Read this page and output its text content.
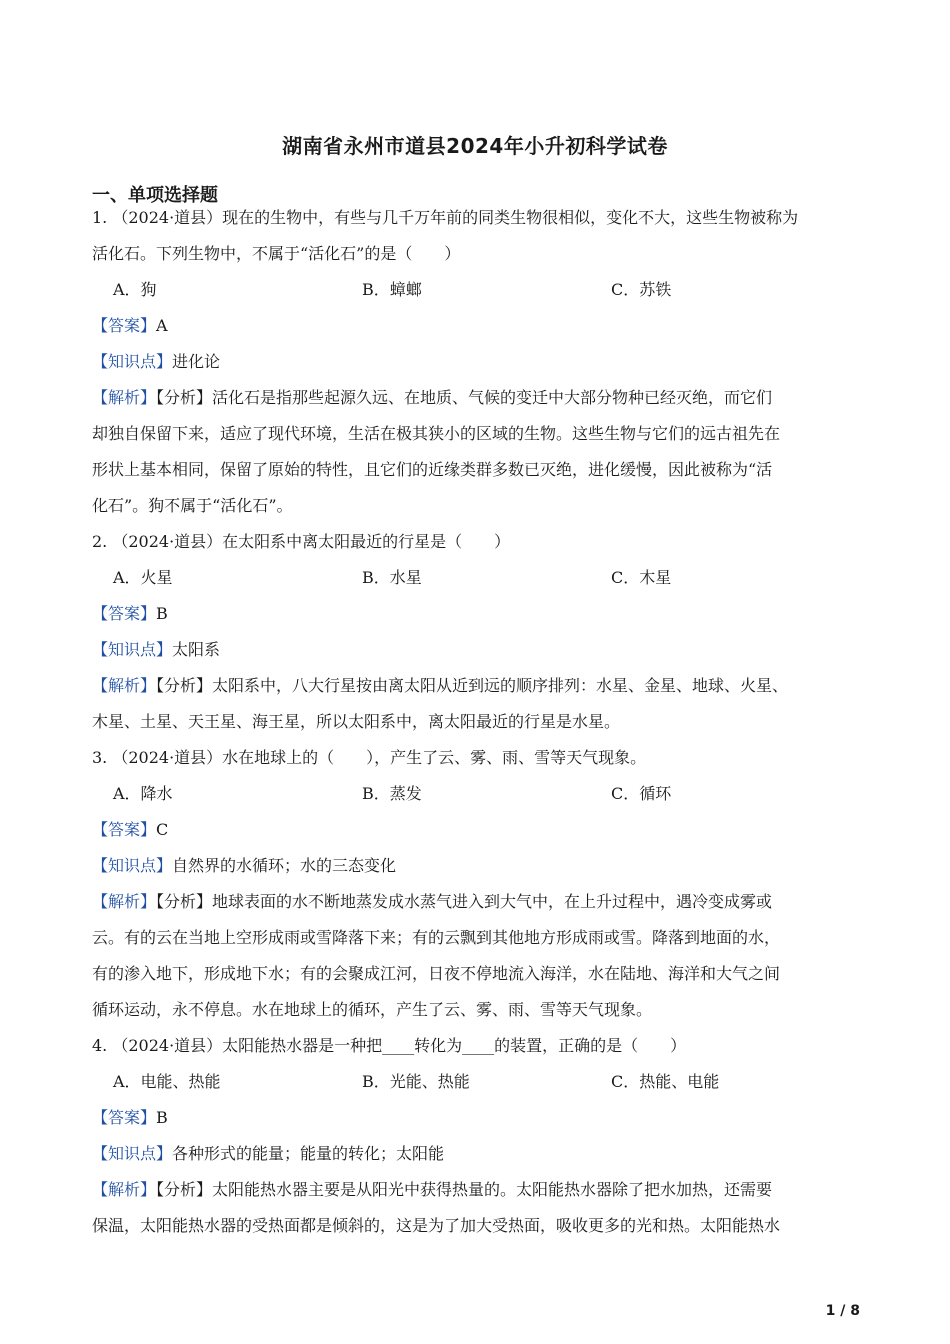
湖南省永州市道县2024年小升初科学试卷
一、单项选择题

1. （2024·道县）现在的生物中，有些与几千万年前的同类生物很相似，变化不大，这些生物被称为

活化石。下列生物中，不属于“活化石”的是（　　）

A．狗	B．蟑螂	C．苏铁

【答案】A

【知识点】进化论

【解析】【分析】活化石是指那些起源久远、在地质、气候的变迁中大部分物种已经灭绝，而它们

却独自保留下来，适应了现代环境，生活在极其狭小的区域的生物。这些生物与它们的远古祖先在

形状上基本相同，保留了原始的特性，且它们的近缘类群多数已灭绝，进化缓慢，因此被称为“活

化石”。狗不属于“活化石”。

2. （2024·道县）在太阳系中离太阳最近的行星是（　　）

A．火星	B．水星	C．木星

【答案】B

【知识点】太阳系

【解析】【分析】太阳系中，八大行星按由离太阳从近到远的顺序排列：水星、金星、地球、火星、

木星、土星、天王星、海王星，所以太阳系中，离太阳最近的行星是水星。

3. （2024·道县）水在地球上的（　　），产生了云、雾、雨、雪等天气现象。

A．降水	B．蒸发	C．循环

【答案】C

【知识点】自然界的水循环；水的三态变化

【解析】【分析】地球表面的水不断地蒸发成水蒸气进入到大气中，在上升过程中，遇冷变成雾或

云。有的云在当地上空形成雨或雪降落下来；有的云飘到其他地方形成雨或雪。降落到地面的水，

有的渗入地下，形成地下水；有的会聚成江河，日夜不停地流入海洋，水在陆地、海洋和大气之间

循环运动，永不停息。水在地球上的循环，产生了云、雾、雨、雪等天气现象。

4. （2024·道县）太阳能热水器是一种把____转化为____的装置，正确的是（　　）

A．电能、热能	B．光能、热能	C．热能、电能

【答案】B

【知识点】各种形式的能量；能量的转化；太阳能

【解析】【分析】太阳能热水器主要是从阳光中获得热量的。太阳能热水器除了把水加热，还需要

保温，太阳能热水器的受热面都是倾斜的，这是为了加大受热面，吸收更多的光和热。太阳能热水

1 / 8
